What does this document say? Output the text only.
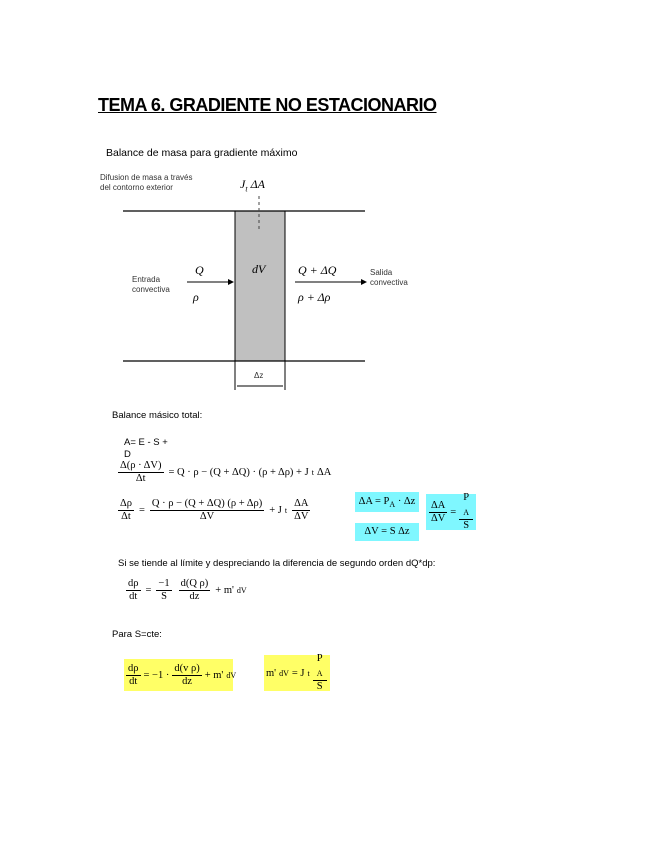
TEMA 6. GRADIENTE NO ESTACIONARIO
Balance de masa para gradiente máximo
Difusion de masa a través
del contorno exterior	$J_t$ ΔA
Entrada
convectiva
Q
ρ
dV	Q + ΔQ
ρ + Δρ
Salida
convectiva
Δz
Balance másico total:
A= E - S +
D
$\frac{\Delta(\rho \cdot \Delta V)}{\Delta t} = Q \cdot \rho - (Q + \Delta Q) \cdot (\rho + \Delta\rho) + J$ t ΔA
$\frac{\Delta\rho}{\Delta t} = \frac{Q \cdot \rho - (Q + \Delta Q) (\rho + \Delta\rho)}{\Delta V} + J$ t $\frac{\Delta A}{\Delta V}$	$\Delta A = P_A \cdot \Delta z$
ΔV = S Δz
$\frac{\Delta A}{\Delta V} = P$
$_A$
S
Si se tiende al límite y despreciando la diferencia de segundo orden dQ*dp:
$\frac{d\rho}{dt} = \frac{-1}{S} \frac{\text{d(Q ρ)}}{dz} + m'$ dV
Para S=cte:
$\frac{d\rho}{dt} = -1 \cdot \frac{\text{d(v ρ)}}{dz} + m'$ dV	m' dV = J t P
$_A$
S
